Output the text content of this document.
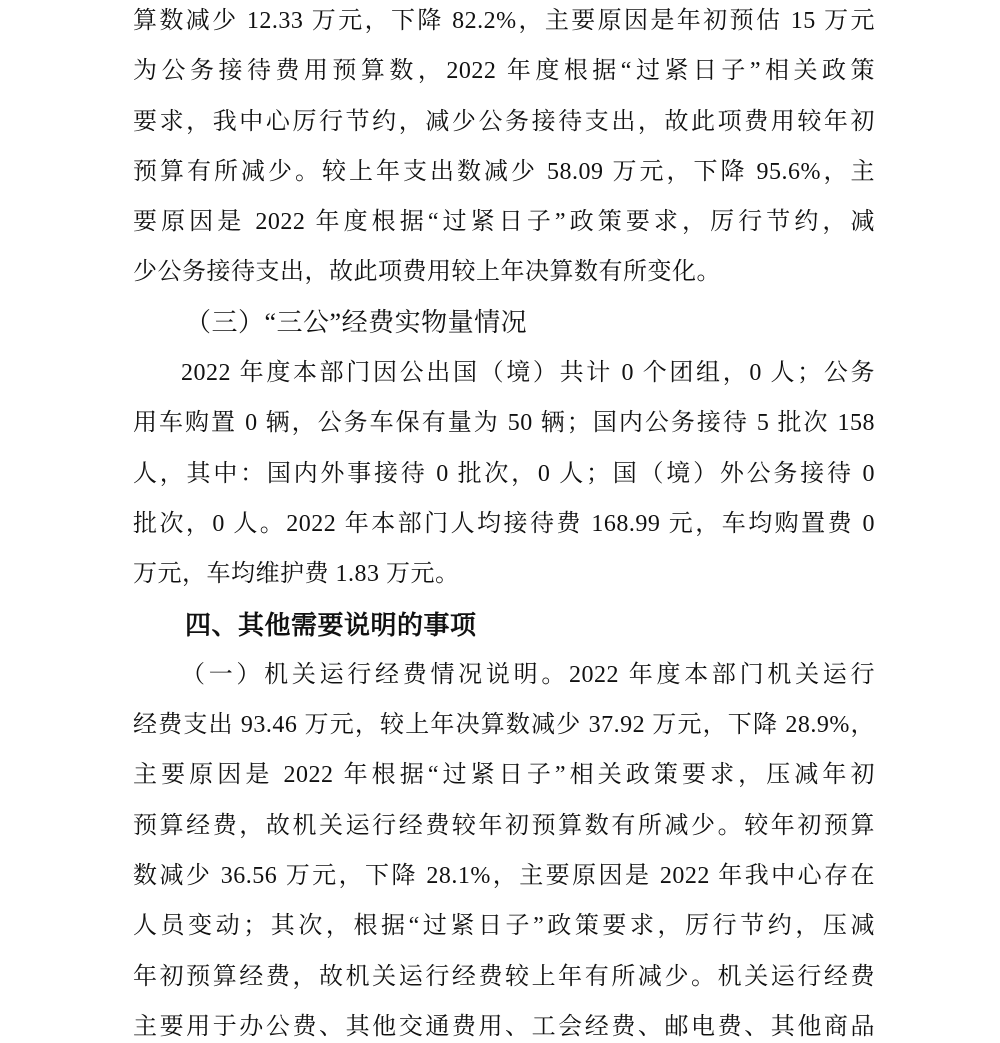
算数减少 12.33 万元，下降 82.2%，主要原因是年初预估 15 万元
为公务接待费用预算数，2022 年度根据“过紧日子”相关政策
要求，我中心厉行节约，减少公务接待支出，故此项费用较年初
预算有所减少。较上年支出数减少 58.09 万元，下降 95.6%，主
要原因是 2022 年度根据“过紧日子”政策要求，厉行节约，减
少公务接待支出，故此项费用较上年决算数有所变化。
（三）“三公”经费实物量情况
2022 年度本部门因公出国（境）共计 0 个团组，0 人；公务
用车购置 0 辆，公务车保有量为 50 辆；国内公务接待 5 批次 158
人，其中：国内外事接待 0 批次，0 人；国（境）外公务接待 0
批次，0 人。2022 年本部门人均接待费 168.99 元，车均购置费 0
万元，车均维护费 1.83 万元。
四、其他需要说明的事项
（一）机关运行经费情况说明。2022 年度本部门机关运行
经费支出 93.46 万元，较上年决算数减少 37.92 万元，下降 28.9%，
主要原因是 2022 年根据“过紧日子”相关政策要求，压减年初
预算经费，故机关运行经费较年初预算数有所减少。较年初预算
数减少 36.56 万元，下降 28.1%，主要原因是 2022 年我中心存在
人员变动；其次，根据“过紧日子”政策要求，厉行节约，压减
年初预算经费，故机关运行经费较上年有所减少。机关运行经费
主要用于办公费、其他交通费用、工会经费、邮电费、其他商品
